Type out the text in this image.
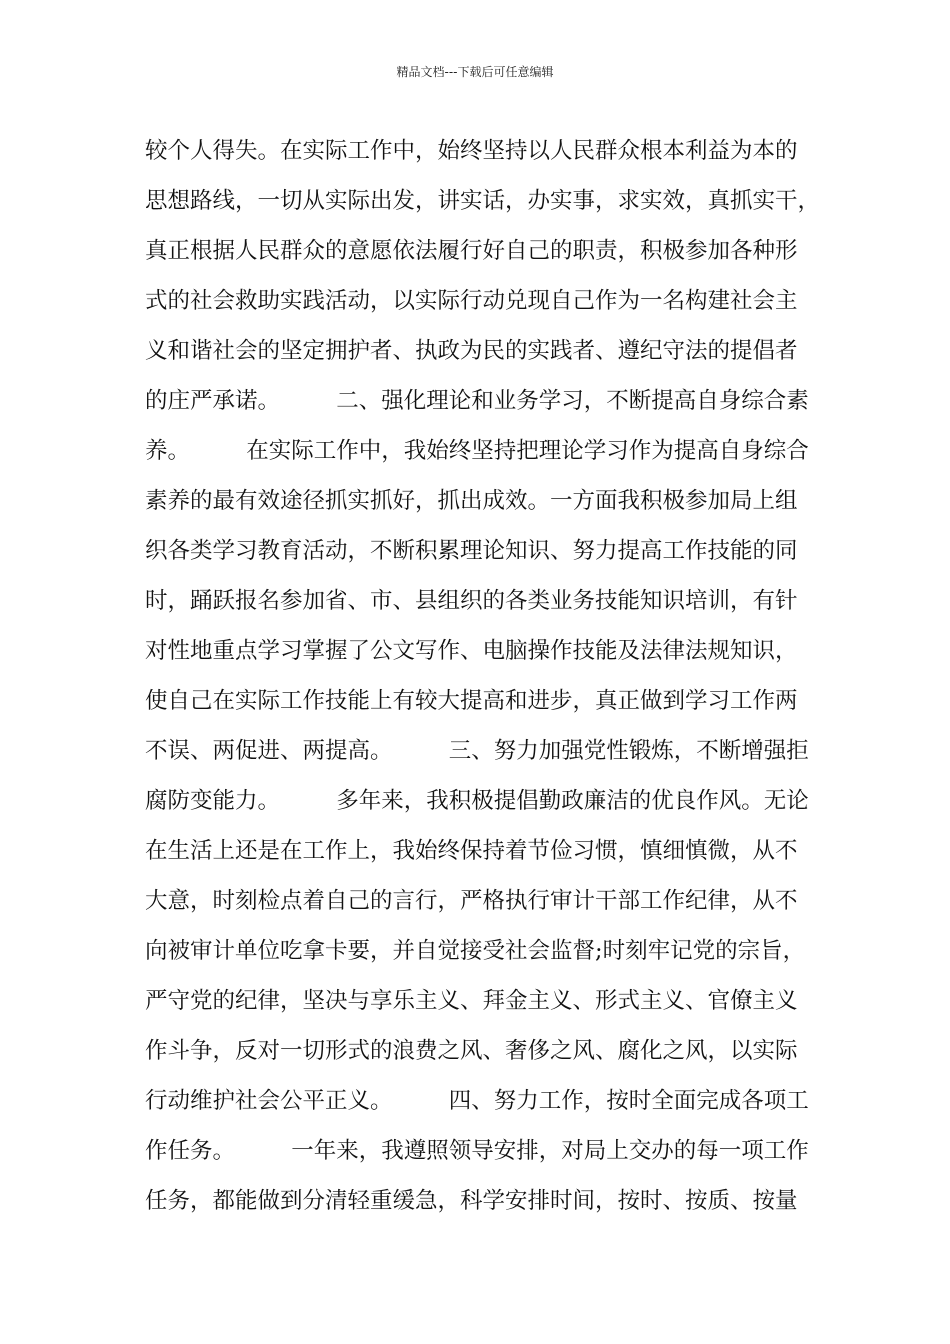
精品文档---下载后可任意编辑
较个人得失。在实际工作中，始终坚持以人民群众根本利益为本的
思想路线，一切从实际出发，讲实话，办实事，求实效，真抓实干，
真正根据人民群众的意愿依法履行好自己的职责，积极参加各种形
式的社会救助实践活动，以实际行动兑现自己作为一名构建社会主
义和谐社会的坚定拥护者、执政为民的实践者、遵纪守法的提倡者
的庄严承诺。　　　二、强化理论和业务学习，不断提高自身综合素
养。　　　在实际工作中，我始终坚持把理论学习作为提高自身综合
素养的最有效途径抓实抓好，抓出成效。一方面我积极参加局上组
织各类学习教育活动，不断积累理论知识、努力提高工作技能的同
时，踊跃报名参加省、市、县组织的各类业务技能知识培训，有针
对性地重点学习掌握了公文写作、电脑操作技能及法律法规知识，
使自己在实际工作技能上有较大提高和进步，真正做到学习工作两
不误、两促进、两提高。　　　三、努力加强党性锻炼，不断增强拒
腐防变能力。　　　多年来，我积极提倡勤政廉洁的优良作风。无论
在生活上还是在工作上，我始终保持着节俭习惯，慎细慎微，从不
大意，时刻检点着自己的言行，严格执行审计干部工作纪律，从不
向被审计单位吃拿卡要，并自觉接受社会监督;时刻牢记党的宗旨，
严守党的纪律，坚决与享乐主义、拜金主义、形式主义、官僚主义
作斗争，反对一切形式的浪费之风、奢侈之风、腐化之风，以实际
行动维护社会公平正义。　　　四、努力工作，按时全面完成各项工
作任务。　　　一年来，我遵照领导安排，对局上交办的每一项工作
任务，都能做到分清轻重缓急，科学安排时间，按时、按质、按量
